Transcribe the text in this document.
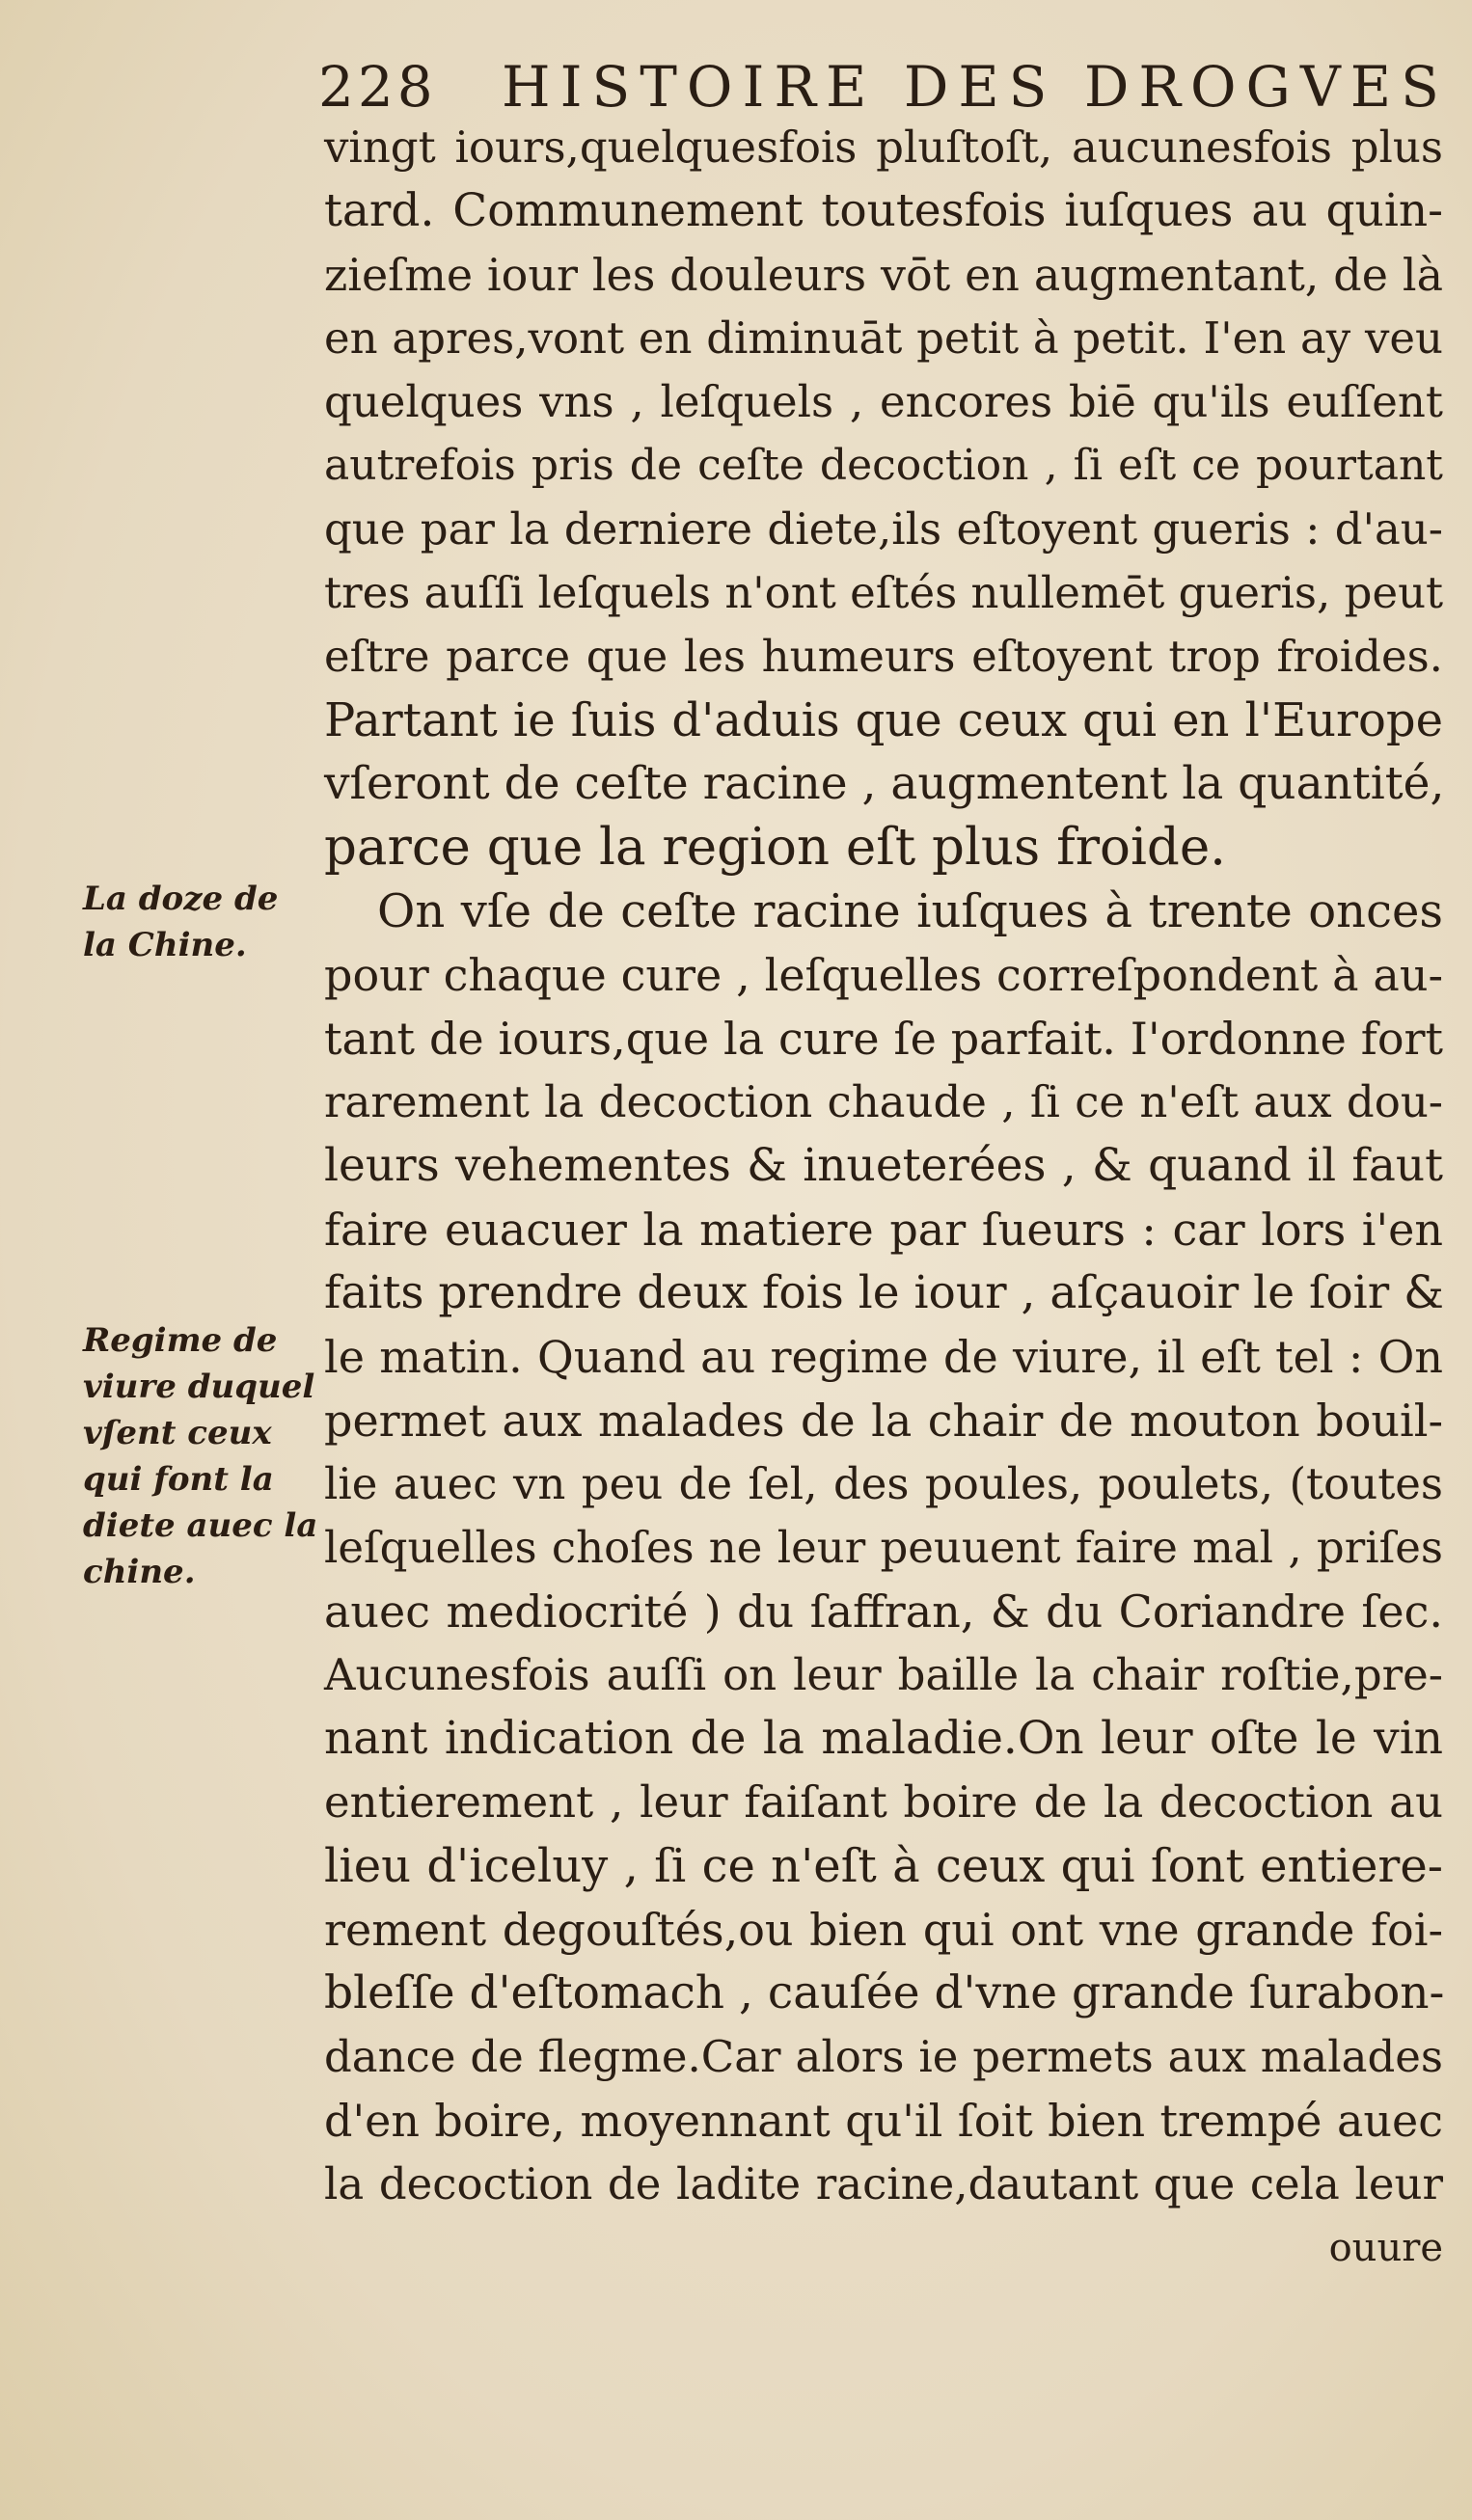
228 HISTOIRE DES DROGVES
La doze de
la Chine.
Regime de
viure duquel
vſent ceux
qui font la
diete auec la
chine.
vingt iours,quelquesfois pluſtoſt, aucunesfois plus
tard. Communement toutesfois iuſques au quin-
zieſme iour les douleurs vōt en augmentant, de là
en apres,vont en diminuāt petit à petit. I'en ay veu
quelques vns , leſquels , encores biē qu'ils euſſent
autrefois pris de ceſte decoction , ſi eſt ce pourtant
que par la derniere diete,ils eſtoyent gueris : d'au-
tres auſſi leſquels n'ont eſtés nullemēt gueris, peut
eſtre parce que les humeurs eſtoyent trop froides.
Partant ie ſuis d'aduis que ceux qui en l'Europe
vſeront de ceſte racine , augmentent la quantité,
parce que la region eſt plus froide.
On vſe de ceſte racine iuſques à trente onces
pour chaque cure , leſquelles correſpondent à au-
tant de iours,que la cure ſe parfait. I'ordonne fort
rarement la decoction chaude , ſi ce n'eſt aux dou-
leurs vehementes & inueterées , & quand il faut
faire euacuer la matiere par ſueurs : car lors i'en
faits prendre deux fois le iour , aſçauoir le ſoir &
le matin. Quand au regime de viure, il eſt tel : On
permet aux malades de la chair de mouton bouil-
lie auec vn peu de ſel, des poules, poulets, (toutes
leſquelles choſes ne leur peuuent faire mal , priſes
auec mediocrité ) du ſaffran, & du Coriandre ſec.
Aucunesfois auſſi on leur baille la chair roſtie,pre-
nant indication de la maladie.On leur oſte le vin
entierement , leur faiſant boire de la decoction au
lieu d'iceluy , ſi ce n'eſt à ceux qui ſont entiere-
rement degouſtés,ou bien qui ont vne grande foi-
bleſſe d'eſtomach , cauſée d'vne grande ſurabon-
dance de flegme.Car alors ie permets aux malades
d'en boire, moyennant qu'il ſoit bien trempé auec
la decoction de ladite racine,dautant que cela leur
ouure
